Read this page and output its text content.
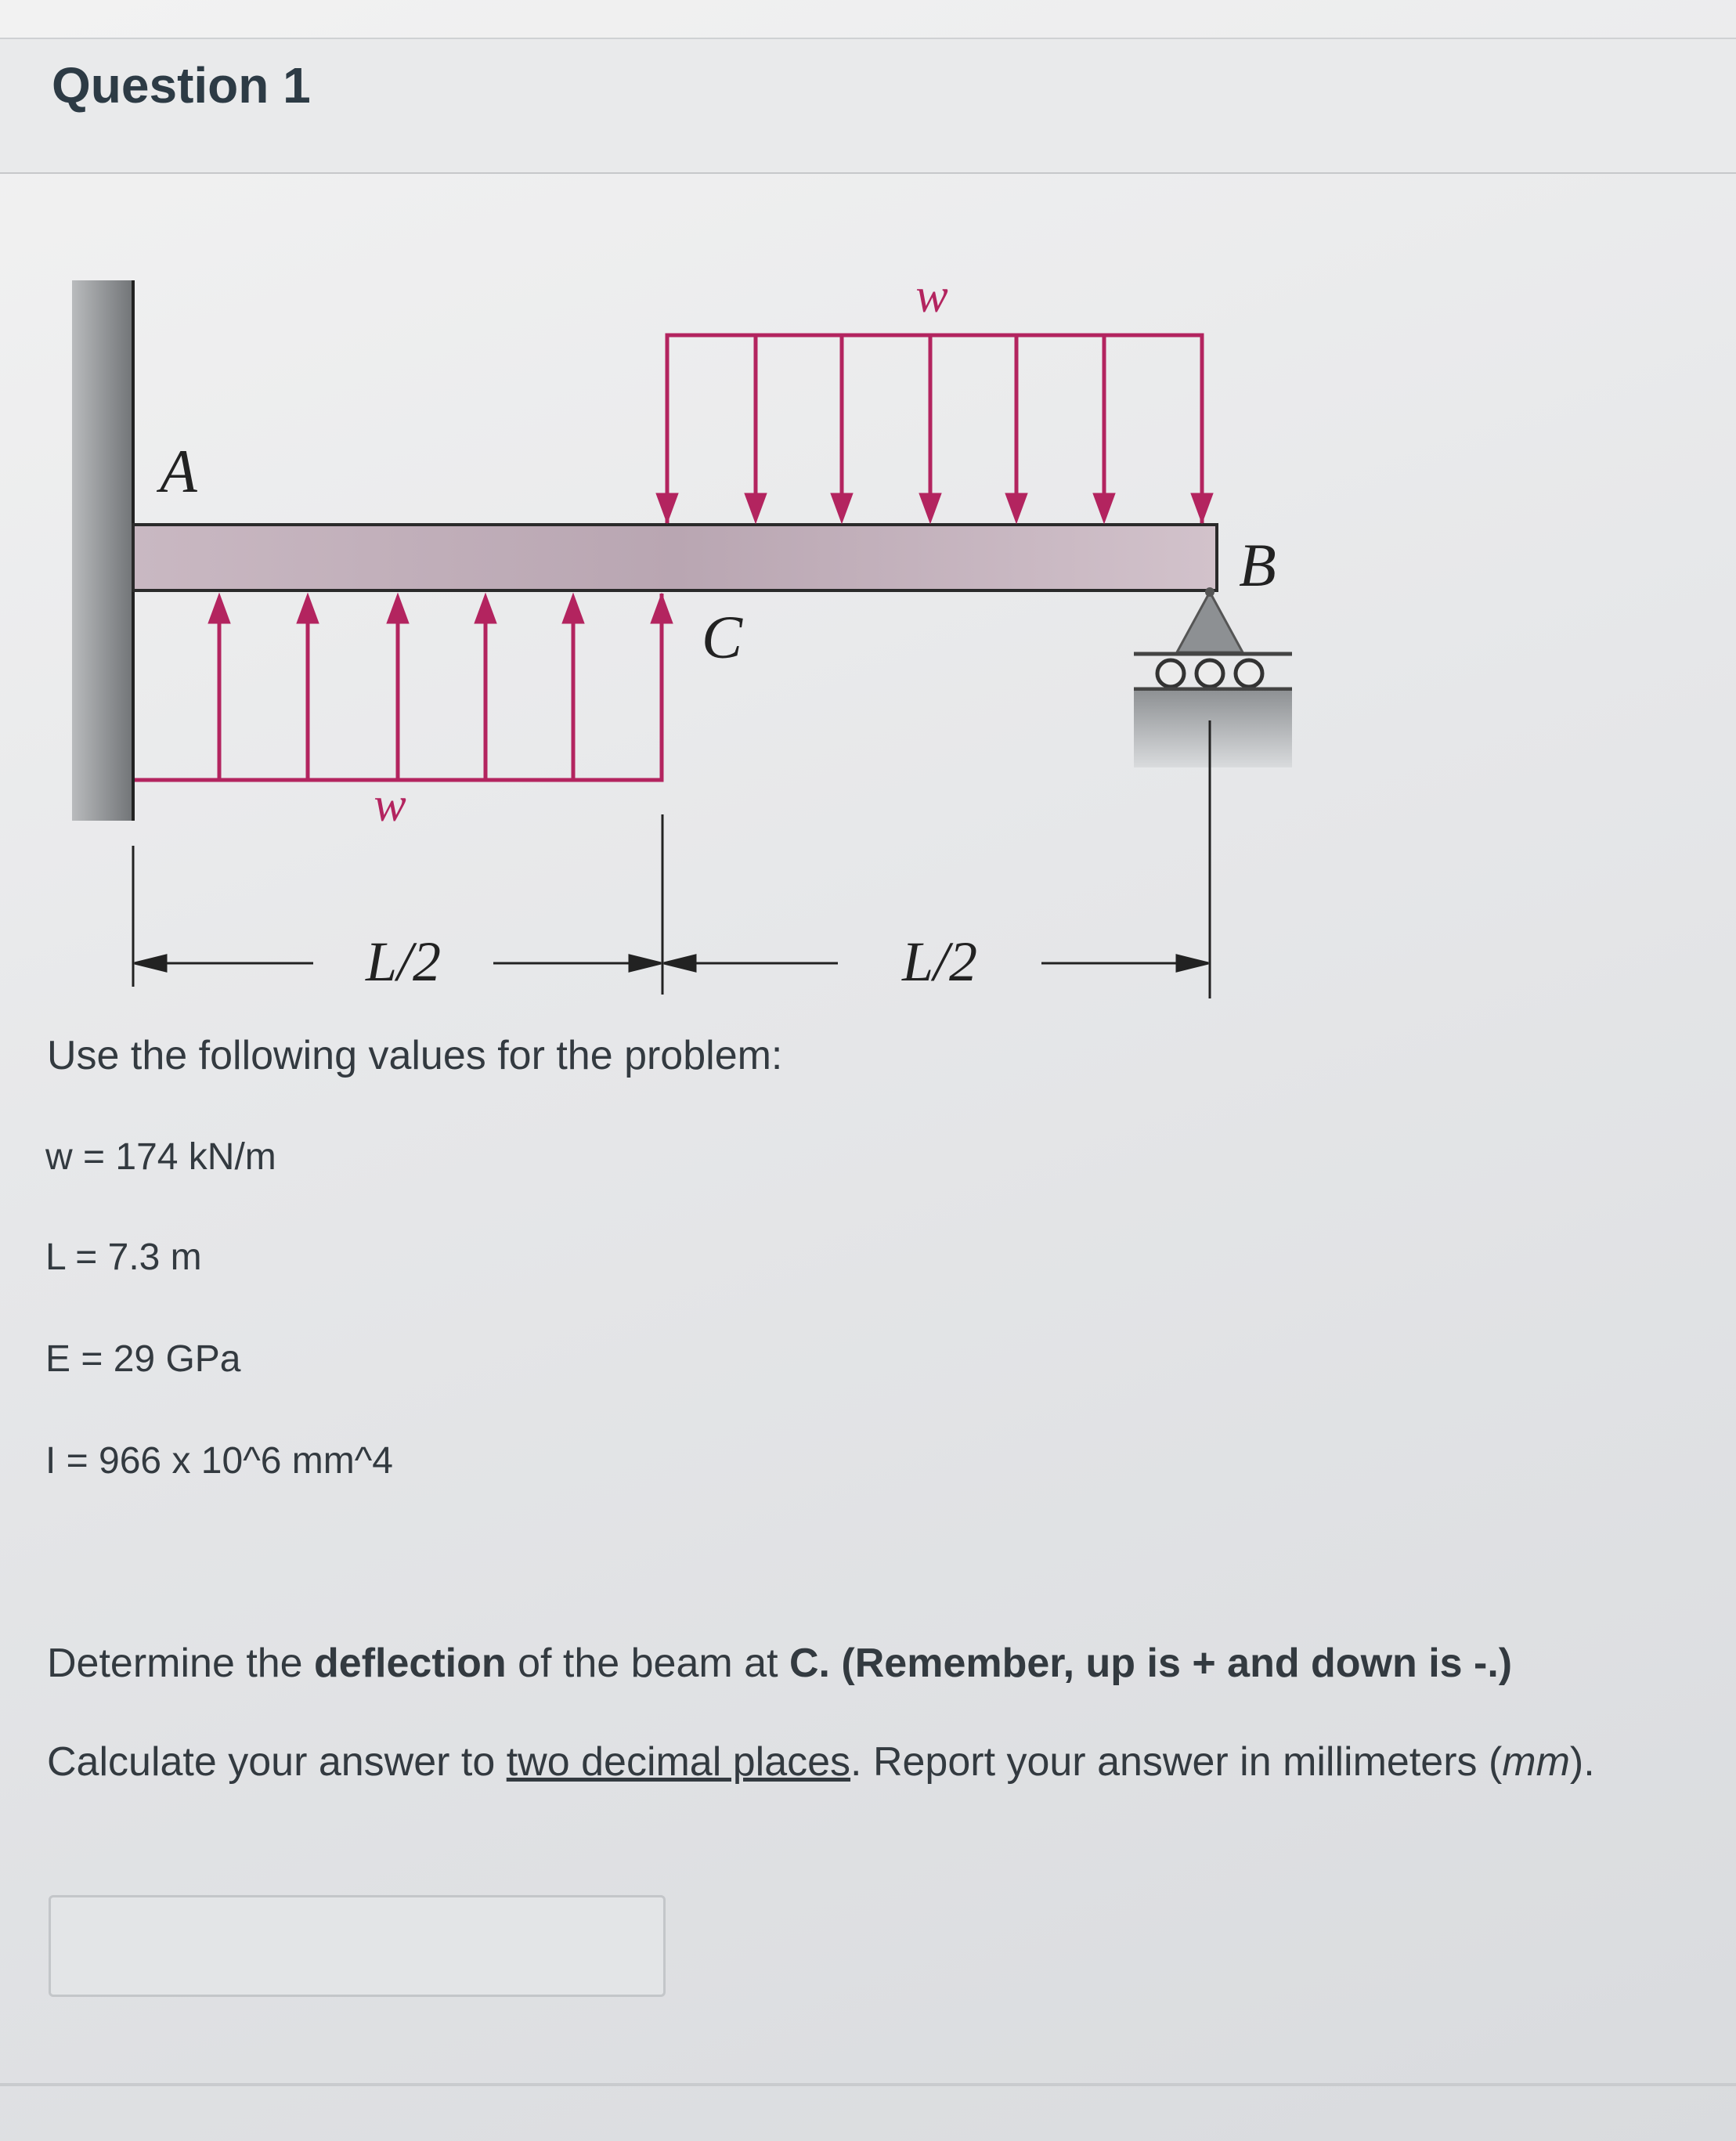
Question 1
w
w
A
B
C
L/2	L/2
Use the following values for the problem:
w = 174 kN/m
L = 7.3 m
E = 29 GPa
I = 966 x 10^6 mm^4
Determine the deflection of the beam at C. (Remember, up is + and down is -.)
Calculate your answer to two decimal places. Report your answer in millimeters (mm).
